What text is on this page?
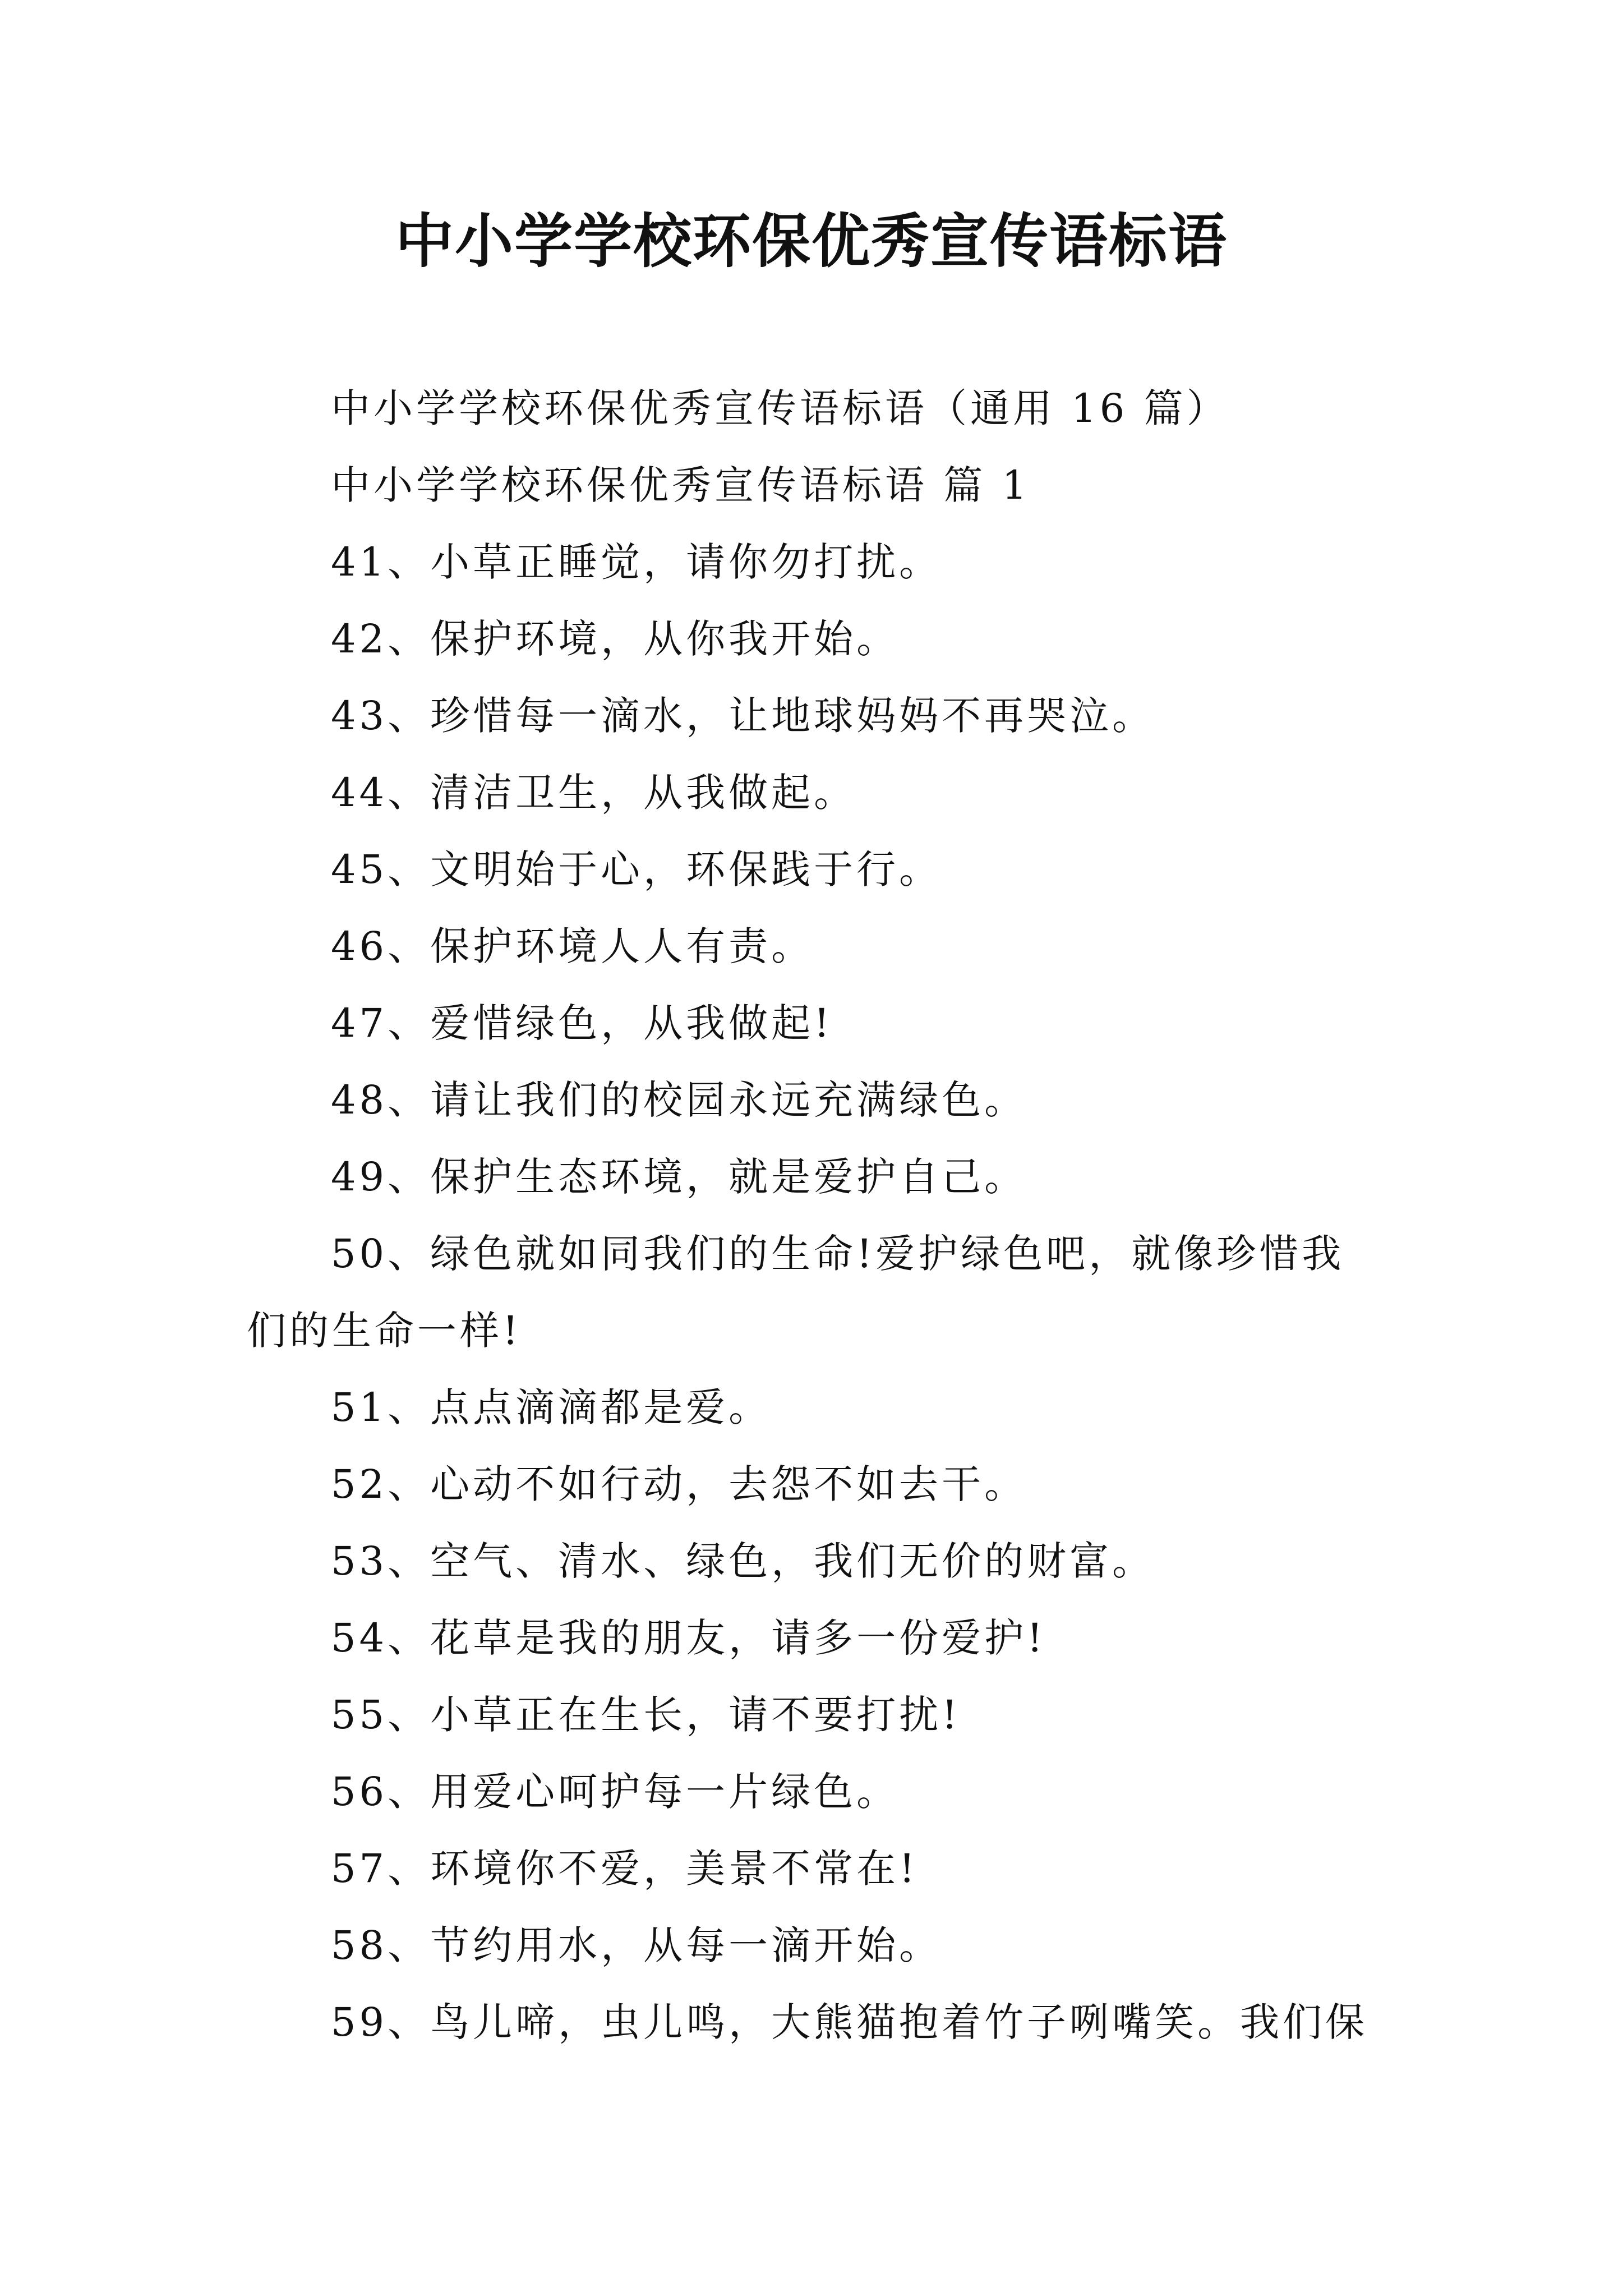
中小学学校环保优秀宣传语标语

中小学学校环保优秀宣传语标语（通用 16 篇）

中小学学校环保优秀宣传语标语 篇 1

41、小草正睡觉，请你勿打扰。

42、保护环境，从你我开始。

43、珍惜每一滴水，让地球妈妈不再哭泣。

44、清洁卫生，从我做起。

45、文明始于心，环保践于行。

46、保护环境人人有责。

47、爱惜绿色，从我做起!

48、请让我们的校园永远充满绿色。

49、保护生态环境，就是爱护自己。

50、绿色就如同我们的生命!爱护绿色吧，就像珍惜我们的生命一样!

51、点点滴滴都是爱。

52、心动不如行动，去怨不如去干。

53、空气、清水、绿色，我们无价的财富。

54、花草是我的朋友，请多一份爱护!

55、小草正在生长，请不要打扰!

56、用爱心呵护每一片绿色。

57、环境你不爱，美景不常在!

58、节约用水，从每一滴开始。

59、鸟儿啼，虫儿鸣，大熊猫抱着竹子咧嘴笑。我们保
